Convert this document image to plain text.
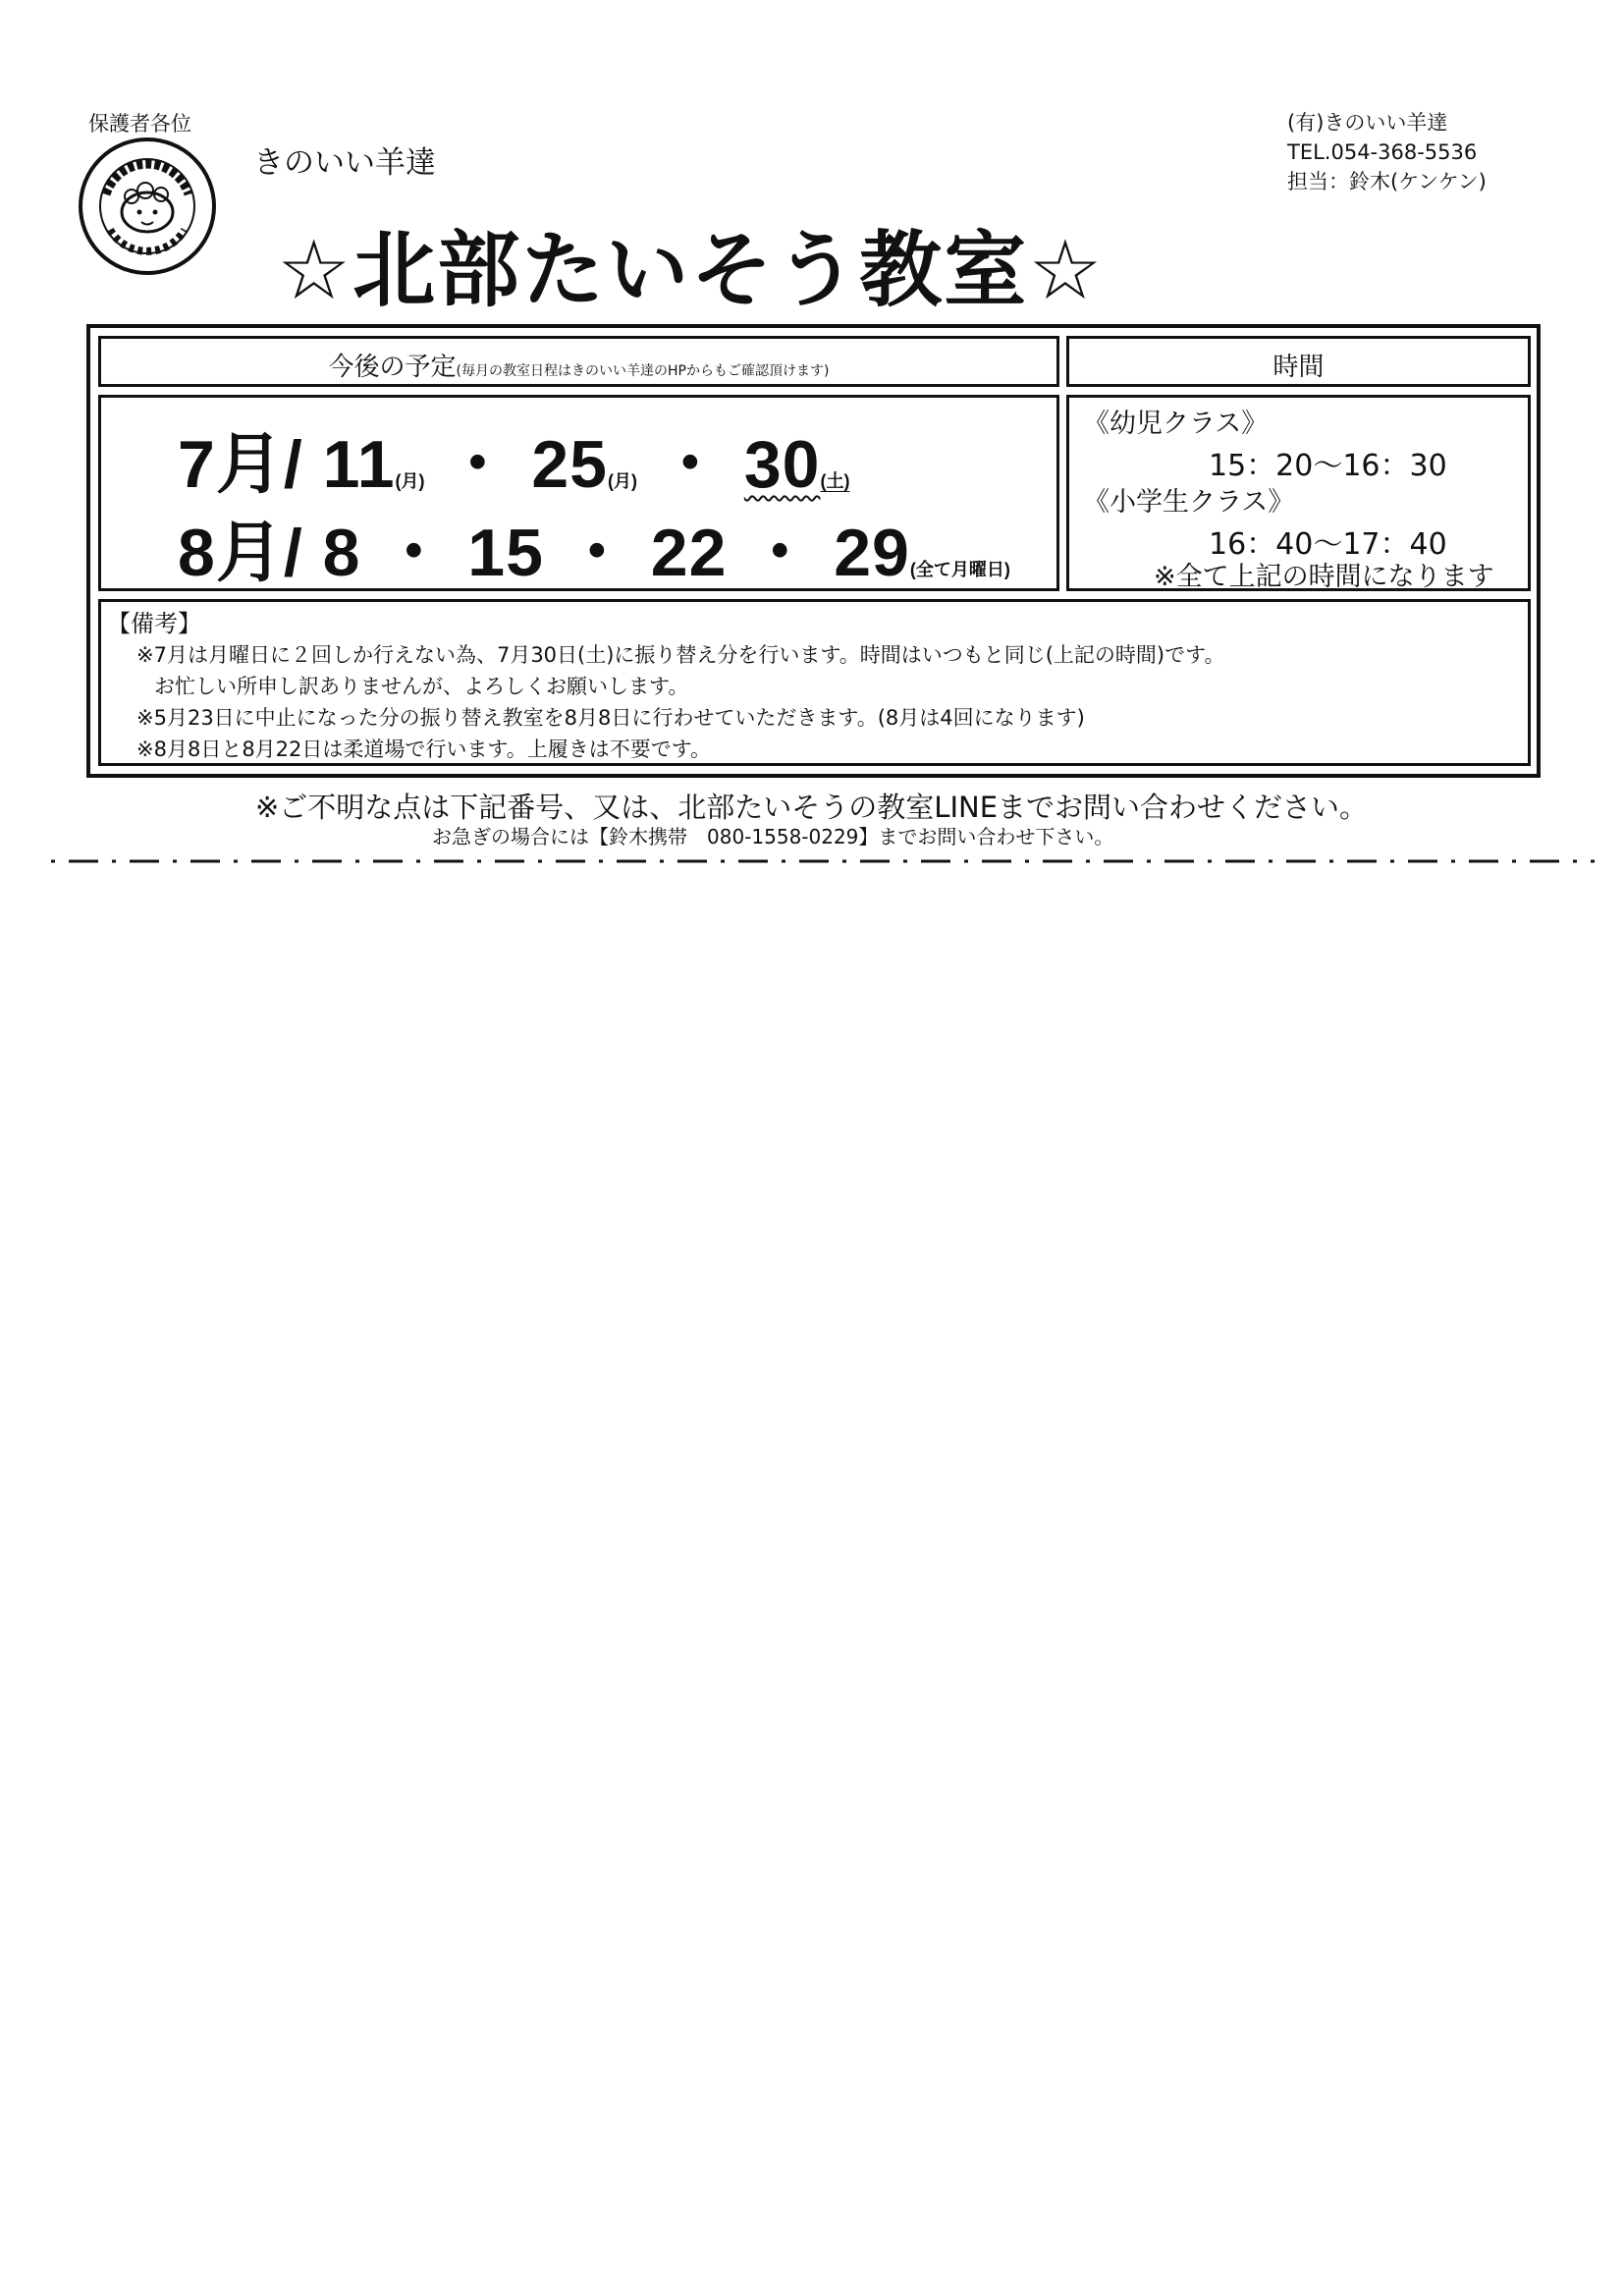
保護者各位
きのいい羊達
☆北部たいそう教室☆
(有)きのいい羊達
TEL.054-368-5536
担当：鈴木(ケンケン)
今後の予定(毎月の教室日程はきのいい羊達のHPからもご確認頂けます)	時間
7月/ 11(月) ・ 25(月) ・ 30(土)
8月/ 8 ・ 15 ・ 22 ・ 29(全て月曜日)
《幼児クラス》
15：20～16：30
《小学生クラス》
16：40～17：40
※全て上記の時間になります
【備考】
※7月は月曜日に２回しか行えない為、7月30日(土)に振り替え分を行います。時間はいつもと同じ(上記の時間)です。
お忙しい所申し訳ありませんが、よろしくお願いします。
※5月23日に中止になった分の振り替え教室を8月8日に行わせていただきます。(8月は4回になります)
※8月8日と8月22日は柔道場で行います。上履きは不要です。
※ご不明な点は下記番号、又は、北部たいそうの教室LINEまでお問い合わせください。
お急ぎの場合には【鈴木携帯　080-1558-0229】までお問い合わせ下さい。
